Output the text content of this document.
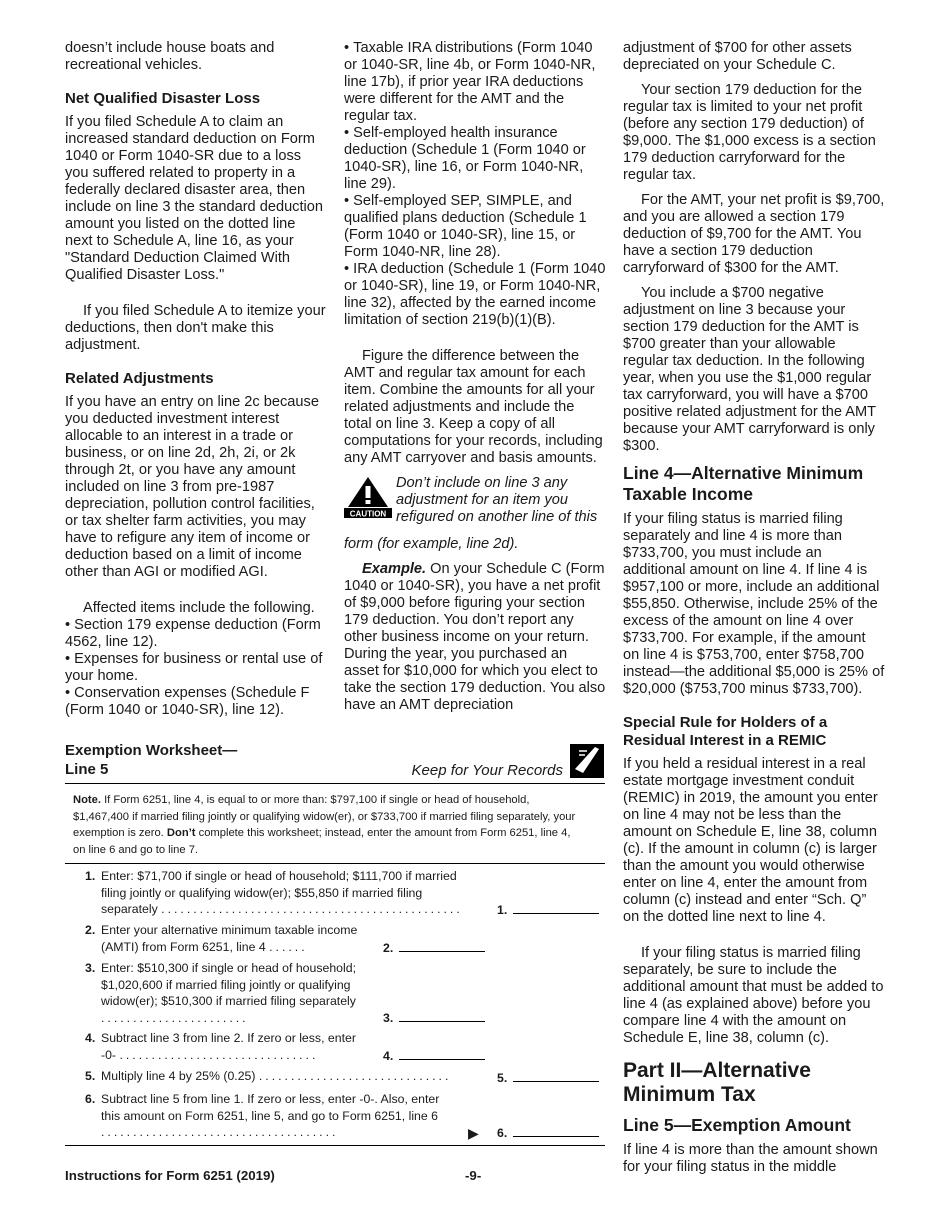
doesn’t include house boats and recreational vehicles.

Net Qualified Disaster Loss

If you filed Schedule A to claim an increased standard deduction on Form 1040 or Form 1040-SR due to a loss you suffered related to property in a federally declared disaster area, then include on line 3 the standard deduction amount you listed on the dotted line next to Schedule A, line 16, as your "Standard Deduction Claimed With Qualified Disaster Loss."

If you filed Schedule A to itemize your deductions, then don't make this adjustment.

Related Adjustments

If you have an entry on line 2c because you deducted investment interest allocable to an interest in a trade or business, or on line 2d, 2h, 2i, or 2k through 2t, or you have any amount included on line 3 from pre-1987 depreciation, pollution control facilities, or tax shelter farm activities, you may have to refigure any item of income or deduction based on a limit of income other than AGI or modified AGI.

Affected items include the following.

• Section 179 expense deduction (Form 4562, line 12).
• Expenses for business or rental use of your home.
• Conservation expenses (Schedule F (Form 1040 or 1040-SR), line 12).
• Taxable IRA distributions (Form 1040 or 1040-SR, line 4b, or Form 1040-NR, line 17b), if prior year IRA deductions were different for the AMT and the regular tax.
• Self-employed health insurance deduction (Schedule 1 (Form 1040 or 1040-SR), line 16, or Form 1040-NR, line 29).
• Self-employed SEP, SIMPLE, and qualified plans deduction (Schedule 1 (Form 1040 or 1040-SR), line 15, or Form 1040-NR, line 28).
• IRA deduction (Schedule 1 (Form 1040 or 1040-SR), line 19, or Form 1040-NR, line 32), affected by the earned income limitation of section 219(b)(1)(B).

Figure the difference between the AMT and regular tax amount for each item. Combine the amounts for all your related adjustments and include the total on line 3. Keep a copy of all computations for your records, including any AMT carryover and basis amounts.

CAUTION
Don’t include on line 3 any adjustment for an item you refigured on another line of this

form (for example, line 2d).

Example. On your Schedule C (Form 1040 or 1040-SR), you have a net profit of $9,000 before figuring your section 179 deduction. You don’t report any other business income on your return. During the year, you purchased an asset for $10,000 for which you elect to take the section 179 deduction. You also have an AMT depreciation

adjustment of $700 for other assets depreciated on your Schedule C.

Your section 179 deduction for the regular tax is limited to your net profit (before any section 179 deduction) of $9,000. The $1,000 excess is a section 179 deduction carryforward for the regular tax.

For the AMT, your net profit is $9,700, and you are allowed a section 179 deduction of $9,700 for the AMT. You have a section 179 deduction carryforward of $300 for the AMT.

You include a $700 negative adjustment on line 3 because your section 179 deduction for the AMT is $700 greater than your allowable regular tax deduction. In the following year, when you use the $1,000 regular tax carryforward, you will have a $700 positive related adjustment for the AMT because your AMT carryforward is only $300.

Line 4—Alternative Minimum Taxable Income

If your filing status is married filing separately and line 4 is more than $733,700, you must include an additional amount on line 4. If line 4 is $957,100 or more, include an additional $55,850. Otherwise, include 25% of the excess of the amount on line 4 over $733,700. For example, if the amount on line 4 is $753,700, enter $758,700 instead—the additional $5,000 is 25% of $20,000 ($753,700 minus $733,700).

Special Rule for Holders of a Residual Interest in a REMIC

If you held a residual interest in a real estate mortgage investment conduit (REMIC) in 2019, the amount you enter on line 4 may not be less than the amount on Schedule E, line 38, column (c). If the amount in column (c) is larger than the amount you would otherwise enter on line 4, enter the amount from column (c) instead and enter “Sch. Q” on the dotted line next to line 4.

If your filing status is married filing separately, be sure to include the additional amount that must be added to line 4 (as explained above) before you compare line 4 with the amount on Schedule E, line 38, column (c).

Part II—Alternative Minimum Tax
Line 5—Exemption Amount

If line 4 is more than the amount shown for your filing status in the middle

Exemption Worksheet—
Line 5	Keep for Your Records
Note. If Form 6251, line 4, is equal to or more than: $797,100 if single or head of household, $1,467,400 if married filing jointly or qualifying widow(er), or $733,700 if married filing separately, your exemption is zero. Don’t complete this worksheet; instead, enter the amount from Form 6251, line 4, on line 6 and go to line 7.
1. Enter: $71,700 if single or head of household; $111,700 if married filing jointly or qualifying widow(er); $55,850 if married filing separately ...............................................	1.
2. Enter your alternative minimum taxable income (AMTI) from Form 6251, line 4 ......	2.
3. Enter: $510,300 if single or head of household; $1,020,600 if married filing jointly or qualifying widow(er); $510,300 if married filing separately .......................	3.
4. Subtract line 3 from line 2. If zero or less, enter -0- ...............................	4.
5. Multiply line 4 by 25% (0.25) ..............................	5.
6. Subtract line 5 from line 1. If zero or less, enter -0-. Also, enter this amount on Form 6251, line 5, and go to Form 6251, line 6 .....................................	▶ 6.
Instructions for Form 6251 (2019)	-9-
